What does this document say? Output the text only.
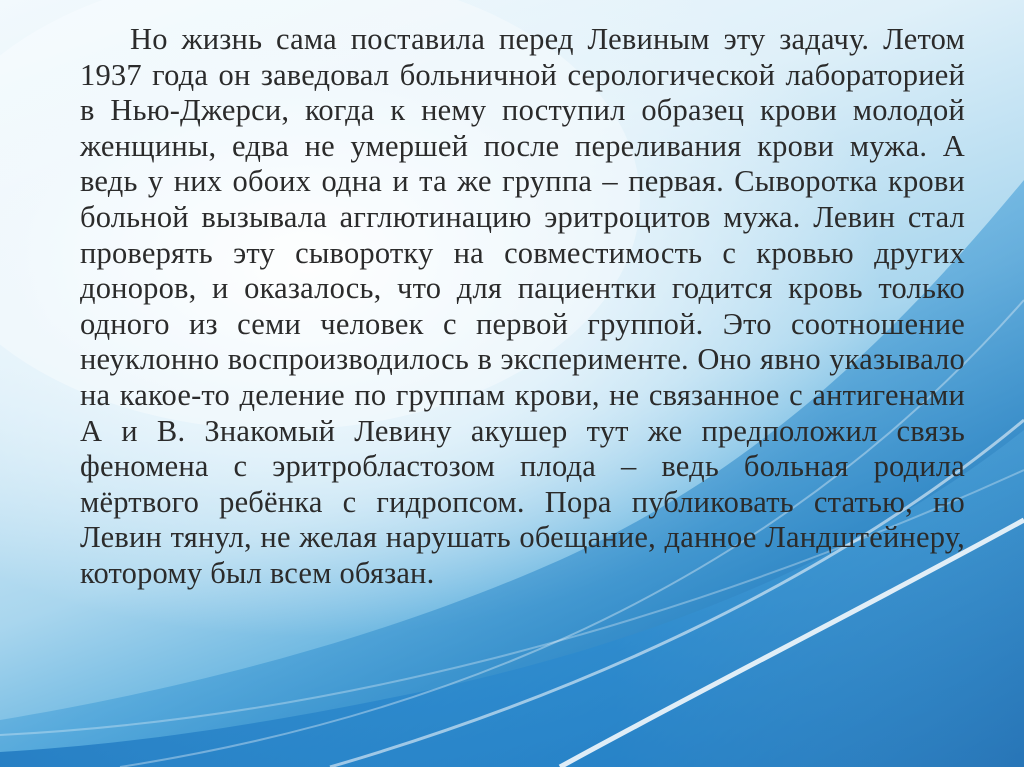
Но жизнь сама поставила перед Левиным эту задачу. Летом 1937 года он заведовал больничной серологической лабораторией в Нью-Джерси, когда к нему поступил образец крови молодой женщины, едва не умершей после переливания крови мужа. А ведь у них обоих одна и та же группа – первая. Сыворотка крови больной вызывала агглютинацию эритроцитов мужа. Левин стал проверять эту сыворотку на совместимость с кровью других доноров, и оказалось, что для пациентки годится кровь только одного из семи человек с первой группой. Это соотношение неуклонно воспроизводилось в эксперименте. Оно явно указывало на какое-то деление по группам крови, не связанное с антигенами А и В. Знакомый Левину акушер тут же предположил связь феномена с эритробластозом плода – ведь больная родила мёртвого ребёнка с гидропсом. Пора публиковать статью, но Левин тянул, не желая нарушать обещание, данное Ландштейнеру, которому был всем обязан.
